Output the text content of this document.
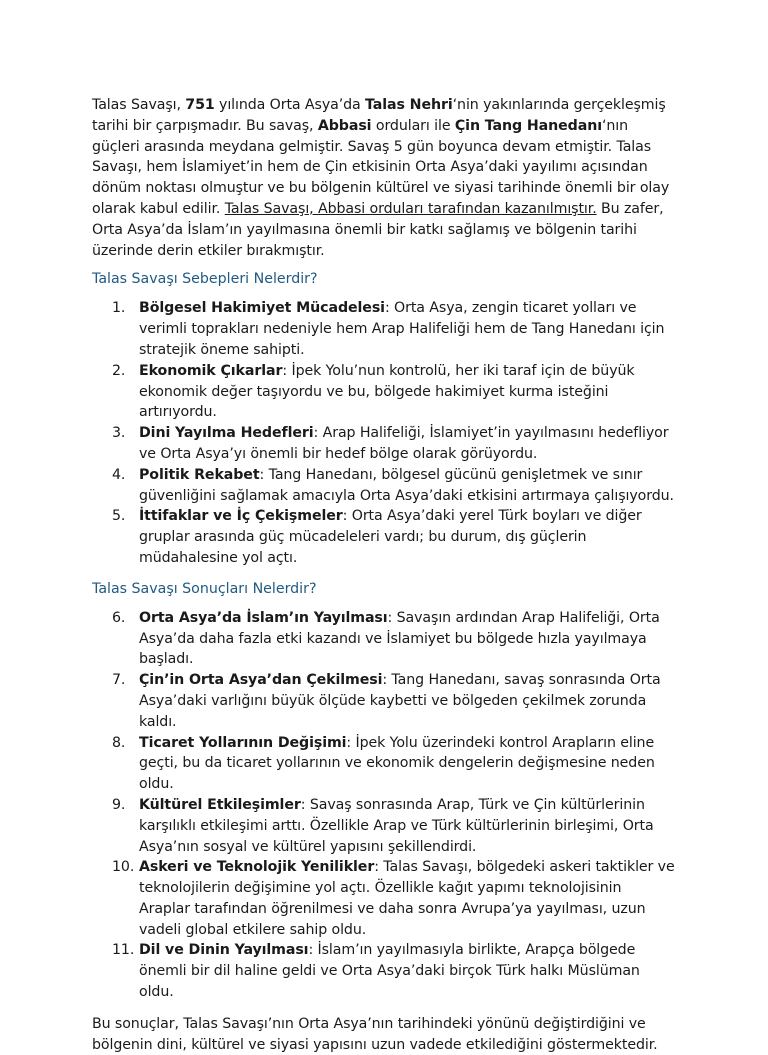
Talas Savaşı, 751 yılında Orta Asya’da Talas Nehri‘nin yakınlarında gerçekleşmiş tarihi bir çarpışmadır. Bu savaş, Abbasi orduları ile Çin Tang Hanedanı‘nın güçleri arasında meydana gelmiştir. Savaş 5 gün boyunca devam etmiştir. Talas Savaşı, hem İslamiyet’in hem de Çin etkisinin Orta Asya’daki yayılımı açısından dönüm noktası olmuştur ve bu bölgenin kültürel ve siyasi tarihinde önemli bir olay olarak kabul edilir. Talas Savaşı, Abbasi orduları tarafından kazanılmıştır. Bu zafer, Orta Asya’da İslam’ın yayılmasına önemli bir katkı sağlamış ve bölgenin tarihi üzerinde derin etkiler bırakmıştır.

Talas Savaşı Sebepleri Nelerdir?
1. Bölgesel Hakimiyet Mücadelesi: Orta Asya, zengin ticaret yolları ve verimli toprakları nedeniyle hem Arap Halifeliği hem de Tang Hanedanı için stratejik öneme sahipti.
2. Ekonomik Çıkarlar: İpek Yolu’nun kontrolü, her iki taraf için de büyük ekonomik değer taşıyordu ve bu, bölgede hakimiyet kurma isteğini artırıyordu.
3. Dini Yayılma Hedefleri: Arap Halifeliği, İslamiyet’in yayılmasını hedefliyor ve Orta Asya’yı önemli bir hedef bölge olarak görüyordu.
4. Politik Rekabet: Tang Hanedanı, bölgesel gücünü genişletmek ve sınır güvenliğini sağlamak amacıyla Orta Asya’daki etkisini artırmaya çalışıyordu.
5. İttifaklar ve İç Çekişmeler: Orta Asya’daki yerel Türk boyları ve diğer gruplar arasında güç mücadeleleri vardı; bu durum, dış güçlerin müdahalesine yol açtı.
Talas Savaşı Sonuçları Nelerdir?
6. Orta Asya’da İslam’ın Yayılması: Savaşın ardından Arap Halifeliği, Orta Asya’da daha fazla etki kazandı ve İslamiyet bu bölgede hızla yayılmaya başladı.
7. Çin’in Orta Asya’dan Çekilmesi: Tang Hanedanı, savaş sonrasında Orta Asya’daki varlığını büyük ölçüde kaybetti ve bölgeden çekilmek zorunda kaldı.
8. Ticaret Yollarının Değişimi: İpek Yolu üzerindeki kontrol Arapların eline geçti, bu da ticaret yollarının ve ekonomik dengelerin değişmesine neden oldu.
9. Kültürel Etkileşimler: Savaş sonrasında Arap, Türk ve Çin kültürlerinin karşılıklı etkileşimi arttı. Özellikle Arap ve Türk kültürlerinin birleşimi, Orta Asya’nın sosyal ve kültürel yapısını şekillendirdi.
10. Askeri ve Teknolojik Yenilikler: Talas Savaşı, bölgedeki askeri taktikler ve teknolojilerin değişimine yol açtı. Özellikle kağıt yapımı teknolojisinin Araplar tarafından öğrenilmesi ve daha sonra Avrupa’ya yayılması, uzun vadeli global etkilere sahip oldu.
11. Dil ve Dinin Yayılması: İslam’ın yayılmasıyla birlikte, Arapça bölgede önemli bir dil haline geldi ve Orta Asya’daki birçok Türk halkı Müslüman oldu.

Bu sonuçlar, Talas Savaşı’nın Orta Asya’nın tarihindeki yönünü değiştirdiğini ve bölgenin dini, kültürel ve siyasi yapısını uzun vadede etkilediğini göstermektedir.
